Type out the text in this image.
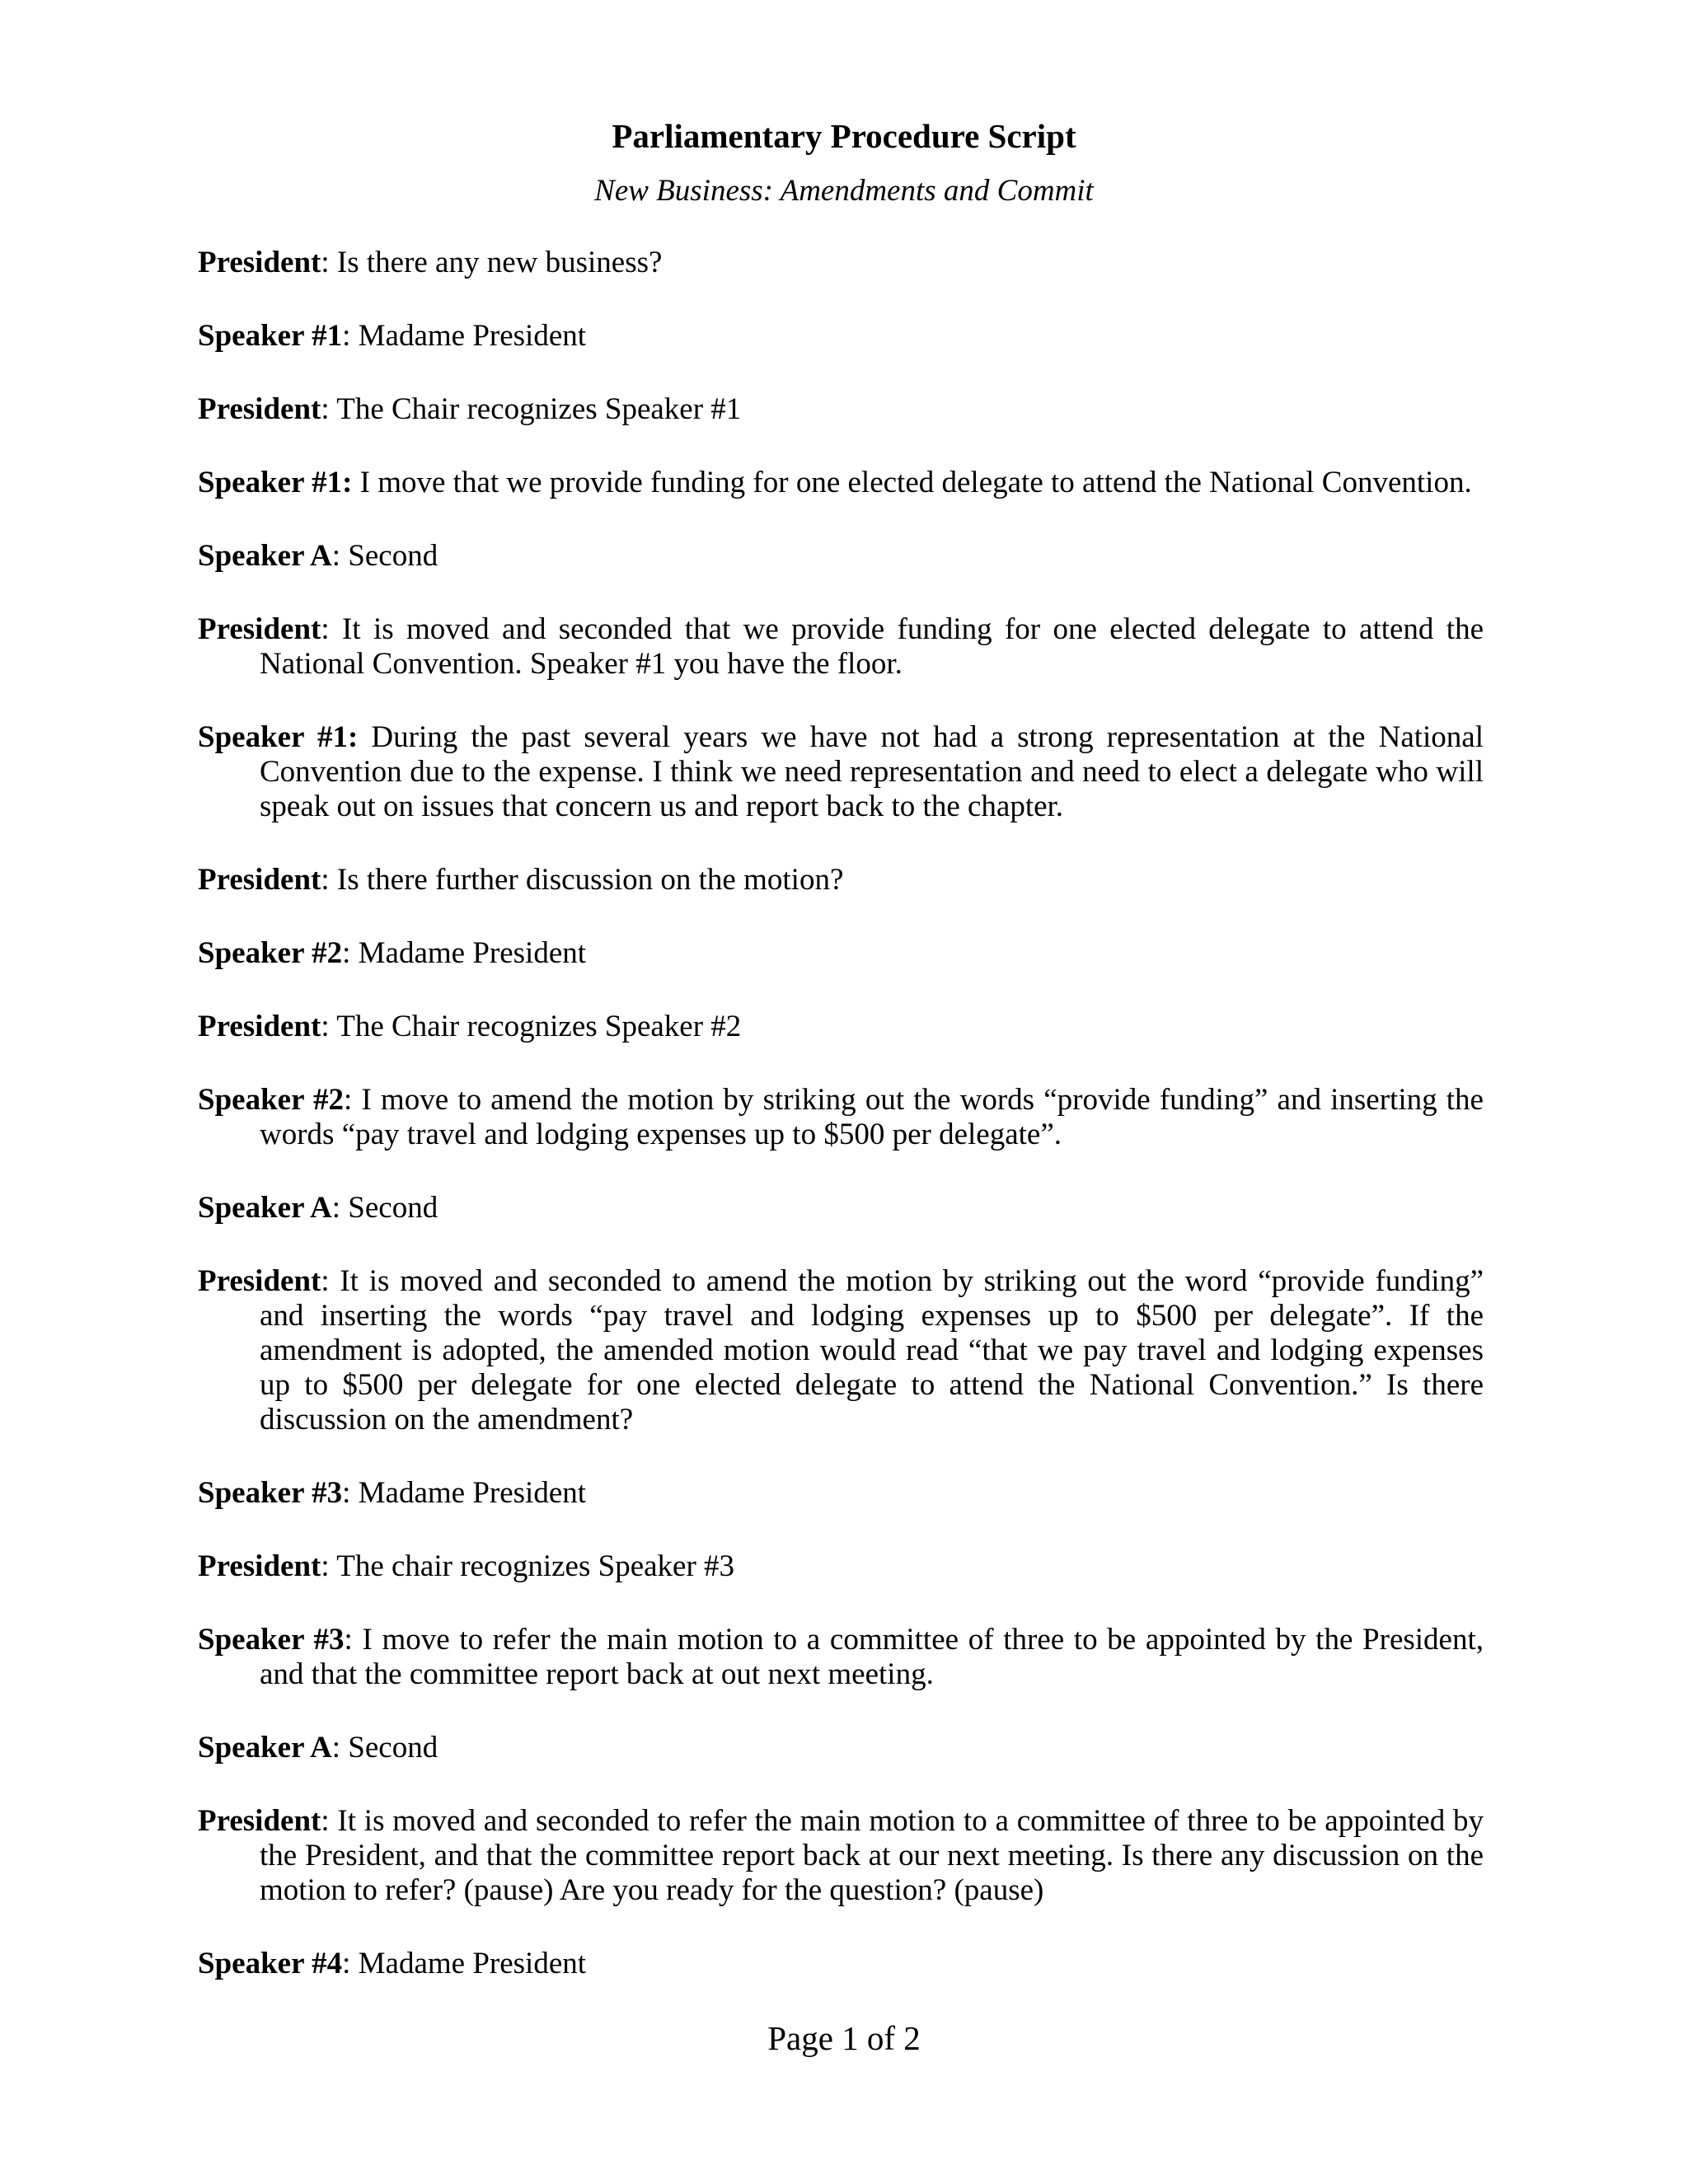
Parliamentary Procedure Script
New Business: Amendments and Commit

President: Is there any new business?

Speaker #1: Madame President

President: The Chair recognizes Speaker #1

Speaker #1: I move that we provide funding for one elected delegate to attend the National Convention.

Speaker A: Second

President: It is moved and seconded that we provide funding for one elected delegate to attend the National Convention. Speaker #1 you have the floor.

Speaker #1: During the past several years we have not had a strong representation at the National Convention due to the expense. I think we need representation and need to elect a delegate who will speak out on issues that concern us and report back to the chapter.

President: Is there further discussion on the motion?

Speaker #2: Madame President

President: The Chair recognizes Speaker #2

Speaker #2: I move to amend the motion by striking out the words “provide funding” and inserting the words “pay travel and lodging expenses up to $500 per delegate”.

Speaker A: Second

President: It is moved and seconded to amend the motion by striking out the word “provide funding” and inserting the words “pay travel and lodging expenses up to $500 per delegate”. If the amendment is adopted, the amended motion would read “that we pay travel and lodging expenses up to $500 per delegate for one elected delegate to attend the National Convention.” Is there discussion on the amendment?

Speaker #3: Madame President

President: The chair recognizes Speaker #3

Speaker #3: I move to refer the main motion to a committee of three to be appointed by the President, and that the committee report back at out next meeting.

Speaker A: Second

President: It is moved and seconded to refer the main motion to a committee of three to be appointed by the President, and that the committee report back at our next meeting. Is there any discussion on the motion to refer? (pause) Are you ready for the question? (pause)

Speaker #4: Madame President

Page 1 of 2
